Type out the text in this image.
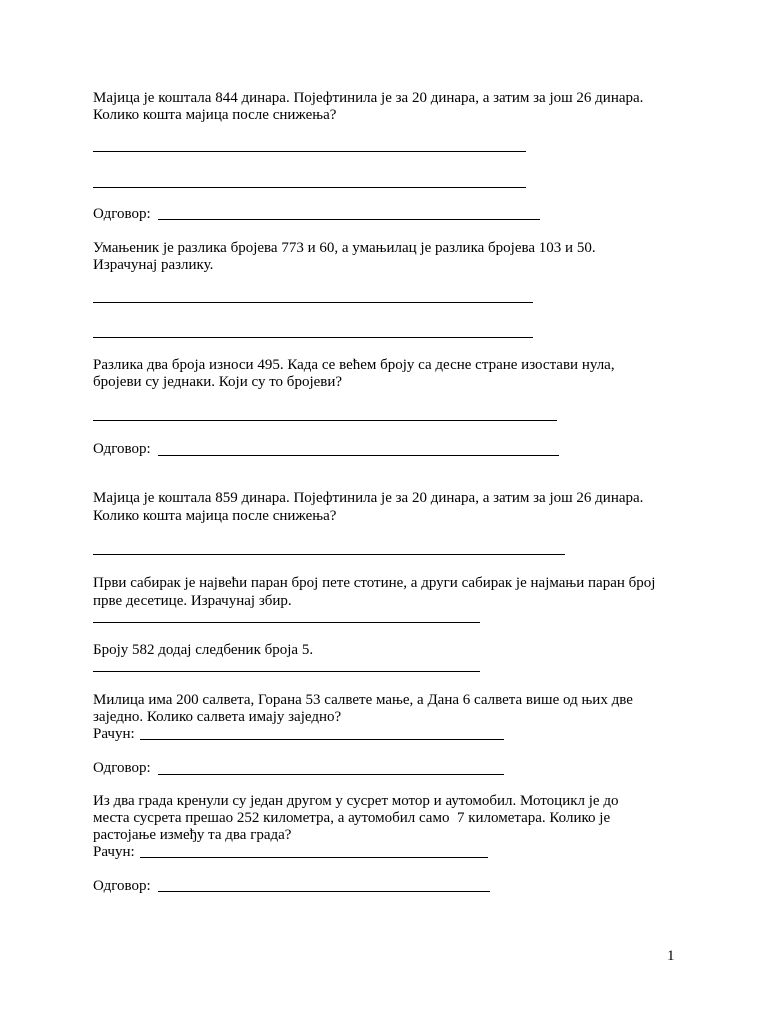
Мајица је коштала 844 динара. Појефтинила је за 20 динара, а затим за још 26 динара.
Колико кошта мајица после снижења?
Одговор:
Умањеник је разлика бројева 773 и 60, а умањилац је разлика бројева 103 и 50.
Израчунај разлику.
Разлика два броја износи 495. Када се већем броју са десне стране изостави нула,
бројеви су једнаки. Који су то бројеви?
Одговор:
Мајица је коштала 859 динара. Појефтинила је за 20 динара, а затим за још 26 динара.
Колико кошта мајица после снижења?
Први сабирак је највећи паран број пете стотине, а други сабирак је најмањи паран број
прве десетице. Израчунај збир.
Броју 582 додај следбеник броја 5.
Милица има 200 салвета, Горана 53 салвете мање, а Дана 6 салвета више од њих две
заједно. Колико салвета имају заједно?
Рачун:
Одговор:
Из два града кренули су један другом у сусрет мотор и аутомобил. Мотоцикл је до
места сусрета прешао 252 километра, а аутомобил само  7 километара. Колико је
растојање између та два града?
Рачун:
Одговор:
1
